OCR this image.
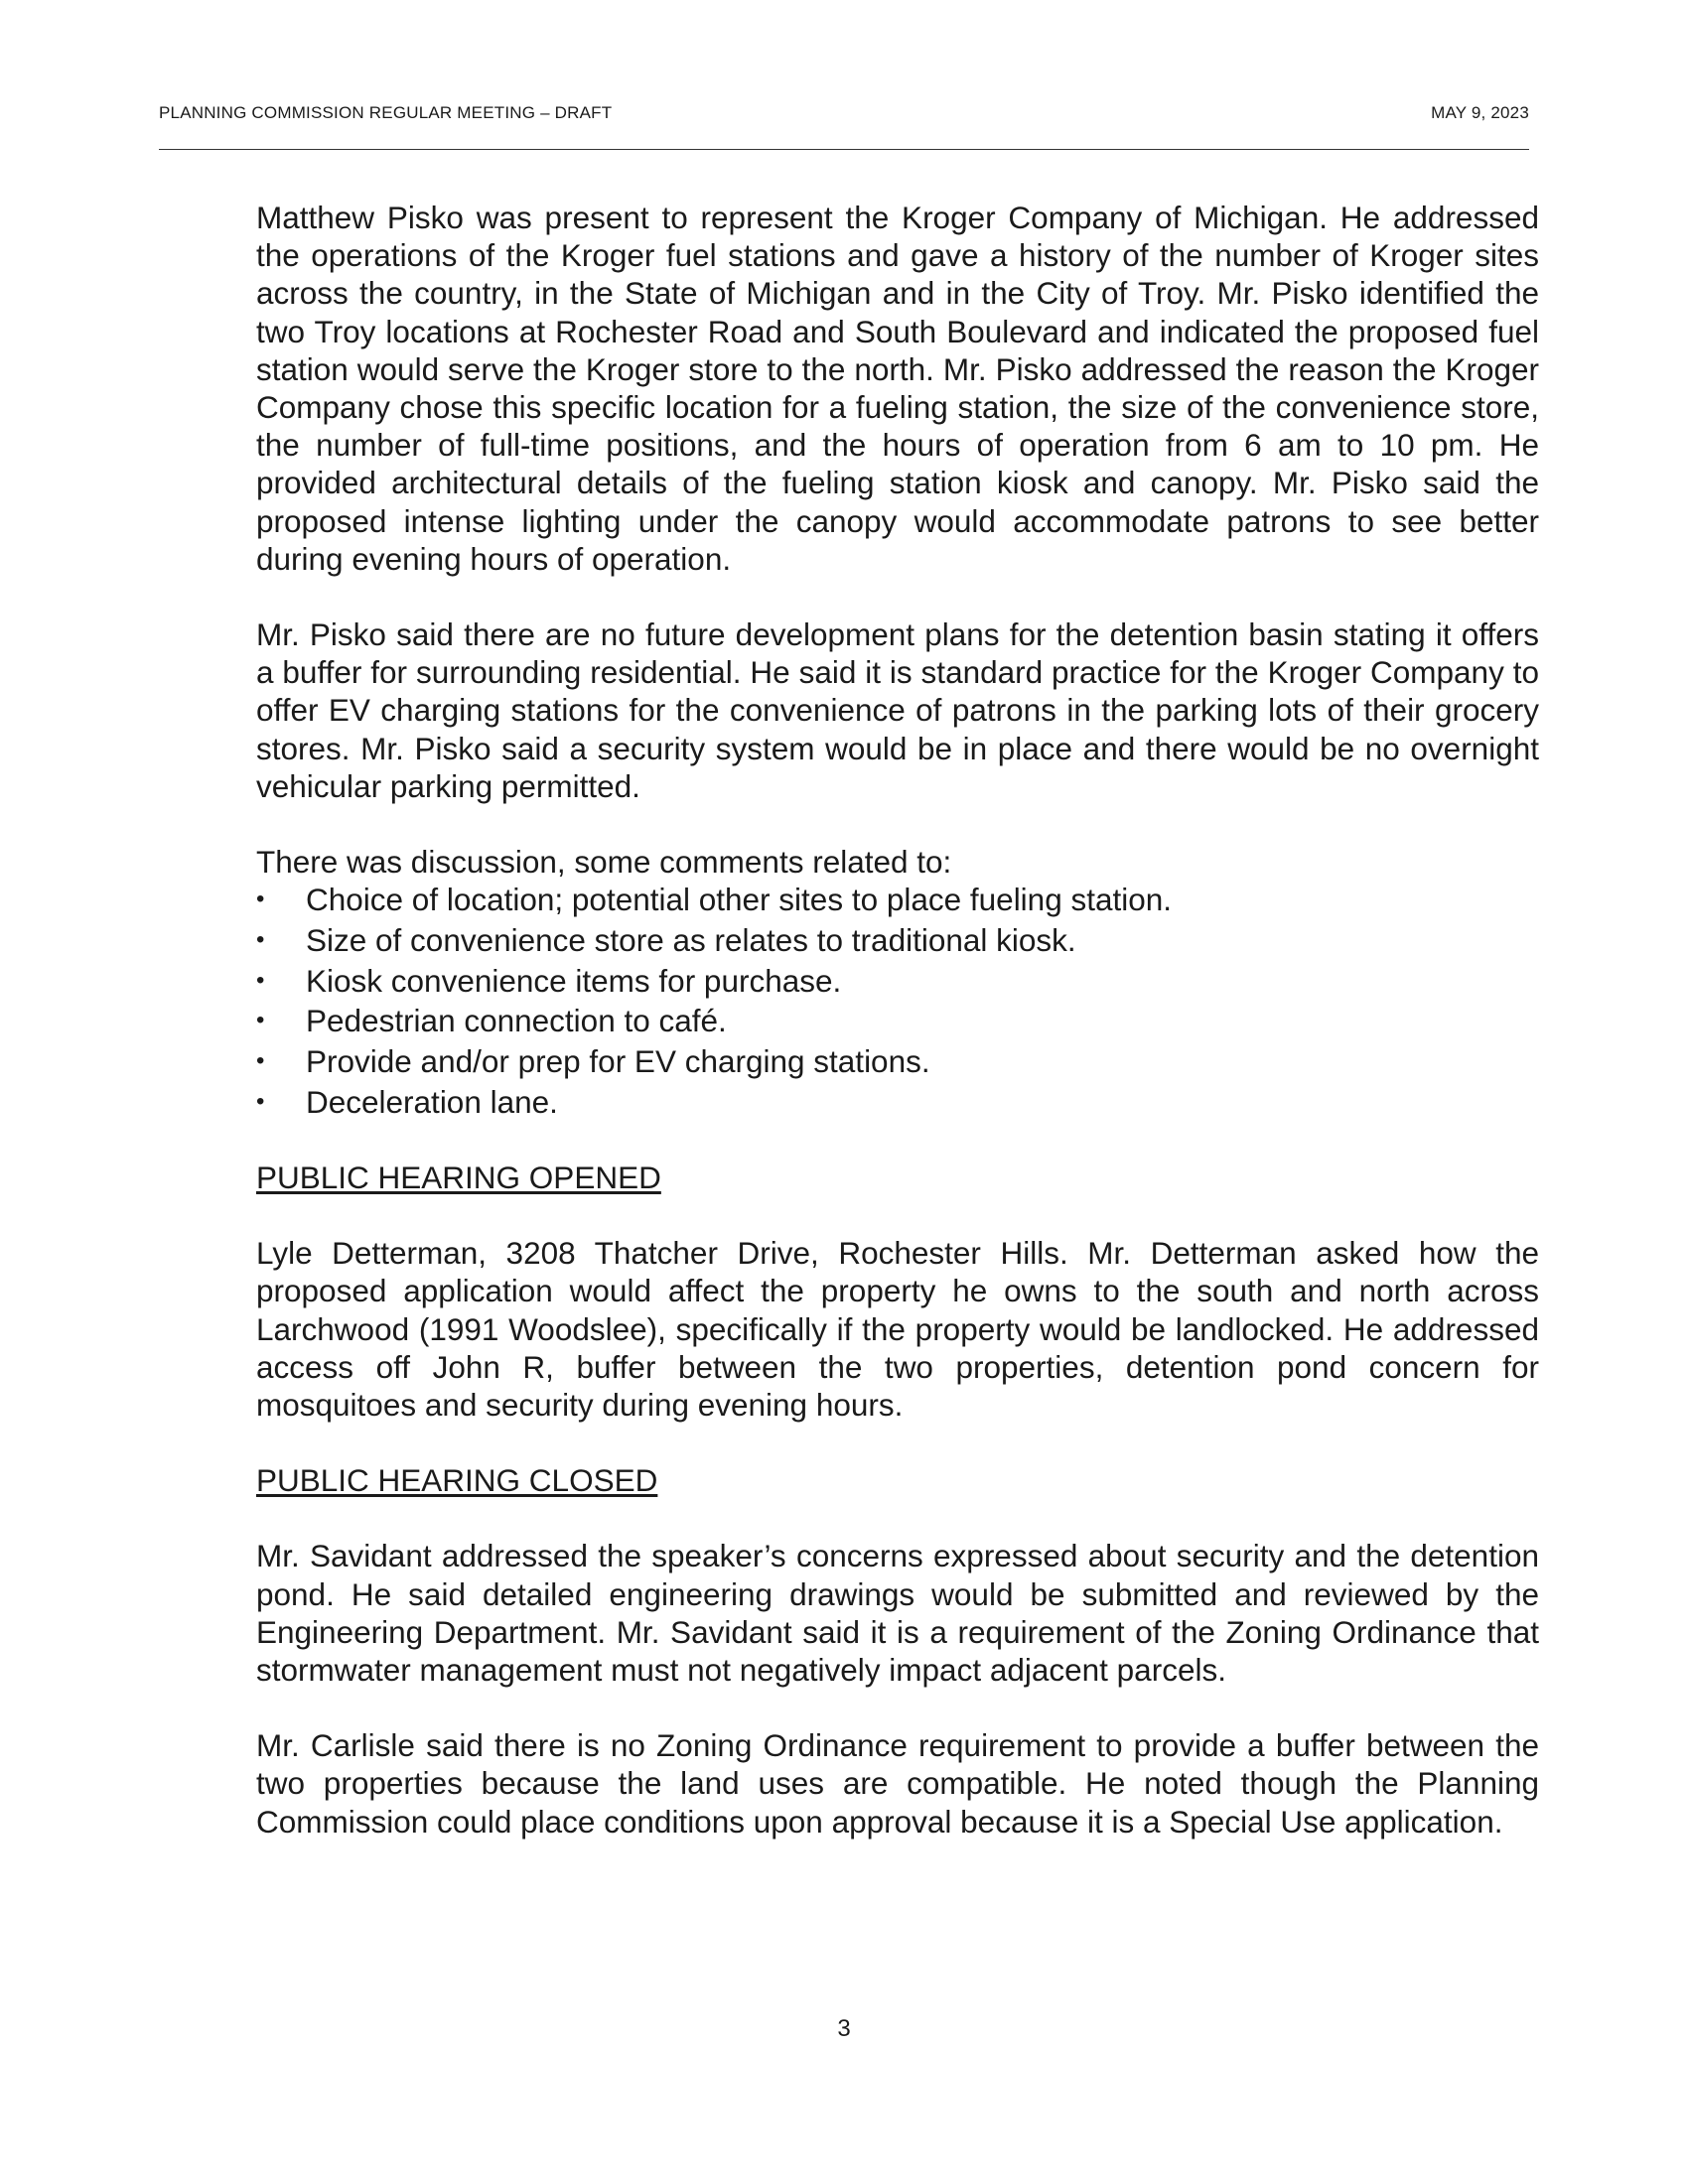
PLANNING COMMISSION REGULAR MEETING – DRAFT	MAY 9, 2023

Matthew Pisko was present to represent the Kroger Company of Michigan. He addressed the operations of the Kroger fuel stations and gave a history of the number of Kroger sites across the country, in the State of Michigan and in the City of Troy. Mr. Pisko identified the two Troy locations at Rochester Road and South Boulevard and indicated the proposed fuel station would serve the Kroger store to the north. Mr. Pisko addressed the reason the Kroger Company chose this specific location for a fueling station, the size of the convenience store, the number of full-time positions, and the hours of operation from 6 am to 10 pm. He provided architectural details of the fueling station kiosk and canopy. Mr. Pisko said the proposed intense lighting under the canopy would accommodate patrons to see better during evening hours of operation.

Mr. Pisko said there are no future development plans for the detention basin stating it offers a buffer for surrounding residential. He said it is standard practice for the Kroger Company to offer EV charging stations for the convenience of patrons in the parking lots of their grocery stores. Mr. Pisko said a security system would be in place and there would be no overnight vehicular parking permitted.

There was discussion, some comments related to:

• Choice of location; potential other sites to place fueling station.
• Size of convenience store as relates to traditional kiosk.
• Kiosk convenience items for purchase.
• Pedestrian connection to café.
• Provide and/or prep for EV charging stations.
• Deceleration lane.
PUBLIC HEARING OPENED

Lyle Detterman, 3208 Thatcher Drive, Rochester Hills. Mr. Detterman asked how the proposed application would affect the property he owns to the south and north across Larchwood (1991 Woodslee), specifically if the property would be landlocked. He addressed access off John R, buffer between the two properties, detention pond concern for mosquitoes and security during evening hours.

PUBLIC HEARING CLOSED

Mr. Savidant addressed the speaker’s concerns expressed about security and the detention pond. He said detailed engineering drawings would be submitted and reviewed by the Engineering Department. Mr. Savidant said it is a requirement of the Zoning Ordinance that stormwater management must not negatively impact adjacent parcels.

Mr. Carlisle said there is no Zoning Ordinance requirement to provide a buffer between the two properties because the land uses are compatible. He noted though the Planning Commission could place conditions upon approval because it is a Special Use application.

3
